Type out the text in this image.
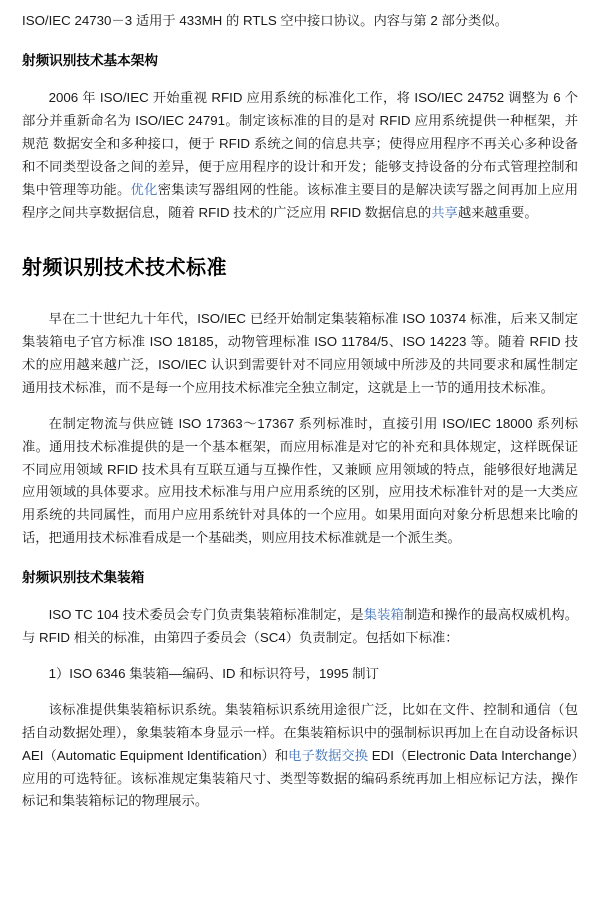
ISO/IEC 24730－3 适用于 433MH 的 RTLS 空中接口协议。内容与第 2 部分类似。

射频识别技术基本架构

2006 年 ISO/IEC 开始重视 RFID 应用系统的标准化工作，将 ISO/IEC 24752 调整为 6 个部分并重新命名为 ISO/IEC 24791。制定该标准的目的是对 RFID 应用系统提供一种框架，并规范 数据安全和多种接口，便于 RFID 系统之间的信息共享；使得应用程序不再关心多种设备和不同类型设备之间的差异，便于应用程序的设计和开发；能够支持设备的分布式管理控制和集中管理等功能。优化密集读写器组网的性能。该标准主要目的是解决读写器之间再加上应用程序之间共享数据信息，随着 RFID 技术的广泛应用 RFID 数据信息的共享越来越重要。

射频识别技术技术标准

早在二十世纪九十年代，ISO/IEC 已经开始制定集装箱标准 ISO 10374 标准，后来又制定集装箱电子官方标准 ISO 18185，动物管理标准 ISO 11784/5、ISO 14223 等。随着 RFID 技术的应用越来越广泛，ISO/IEC 认识到需要针对不同应用领域中所涉及的共同要求和属性制定通用技术标准，而不是每一个应用技术标准完全独立制定，这就是上一节的通用技术标准。

在制定物流与供应链 ISO 17363～17367 系列标准时，直接引用 ISO/IEC 18000 系列标准。通用技术标准提供的是一个基本框架，而应用标准是对它的补充和具体规定，这样既保证 不同应用领域 RFID 技术具有互联互通与互操作性，又兼顾 应用领域的特点，能够很好地满足应用领域的具体要求。应用技术标准与用户应用系统的区别，应用技术标准针对的是一大类应用系统的共同属性，而用户应用系统针对具体的一个应用。如果用面向对象分析思想来比喻的话，把通用技术标准看成是一个基础类，则应用技术标准就是一个派生类。

射频识别技术集装箱

ISO TC 104 技术委员会专门负责集装箱标准制定，是集装箱制造和操作的最高权威机构。与 RFID 相关的标准，由第四子委员会（SC4）负责制定。包括如下标准：

1）ISO 6346 集装箱—编码、ID 和标识符号，1995 制订

该标准提供集装箱标识系统。集装箱标识系统用途很广泛，比如在文件、控制和通信（包括自动数据处理），象集装箱本身显示一样。在集装箱标识中的强制标识再加上在自动设备标识 AEI（Automatic Equipment Identification）和电子数据交换 EDI（Electronic Data Interchange）应用的可选特征。该标准规定集装箱尺寸、类型等数据的编码系统再加上相应标记方法，操作标记和集装箱标记的物理展示。
